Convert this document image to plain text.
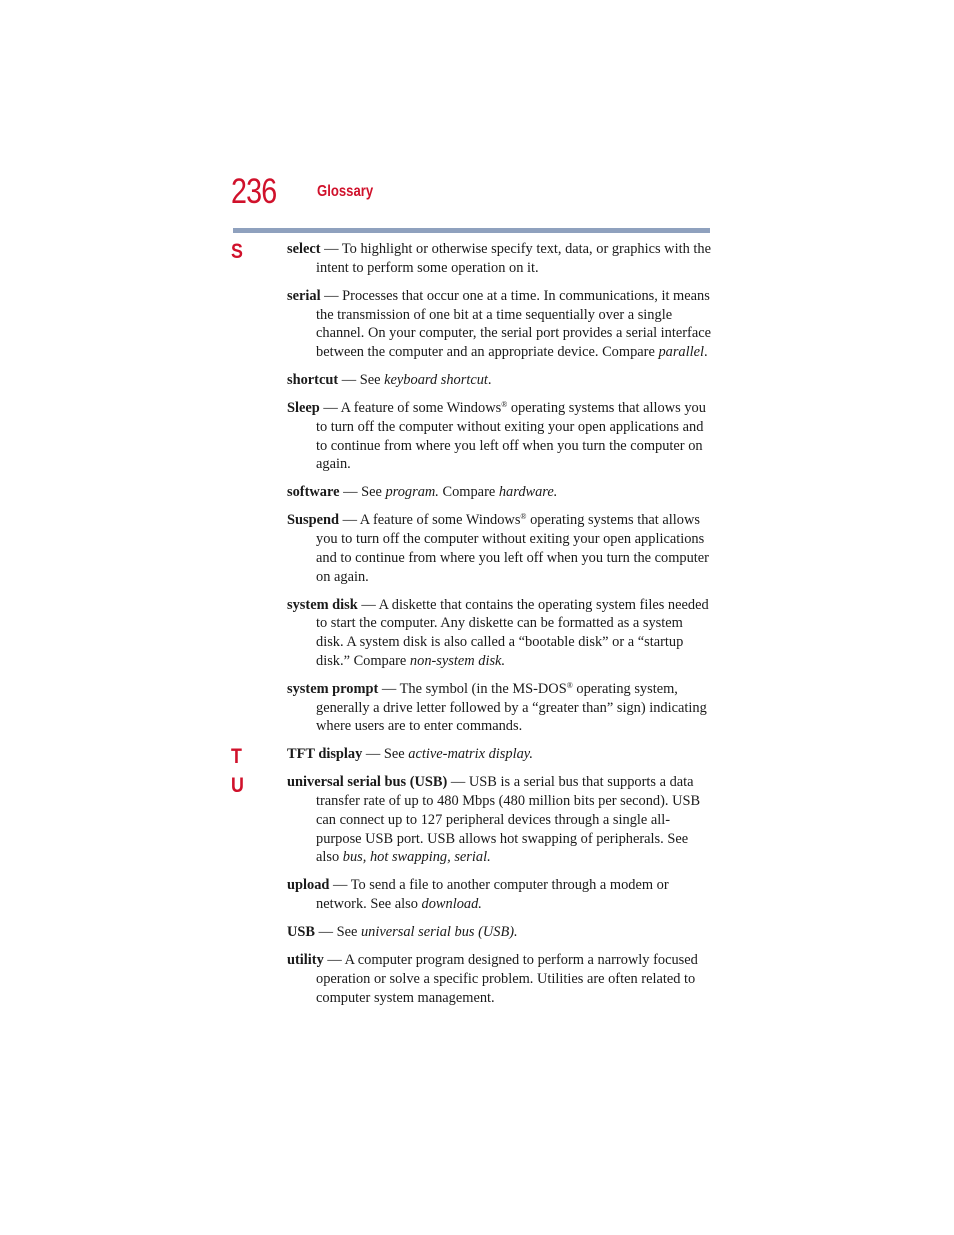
236	Glossary
S
T
U

select — To highlight or otherwise specify text, data, or graphics with the intent to perform some operation on it.

serial — Processes that occur one at a time. In communications, it means the transmission of one bit at a time sequentially over a single channel. On your computer, the serial port provides a serial interface between the computer and an appropriate device. Compare parallel.

shortcut — See keyboard shortcut.

Sleep — A feature of some Windows® operating systems that allows you to turn off the computer without exiting your open applications and to continue from where you left off when you turn the computer on again.

software — See program. Compare hardware.

Suspend — A feature of some Windows® operating systems that allows you to turn off the computer without exiting your open applications and to continue from where you left off when you turn the computer on again.

system disk — A diskette that contains the operating system files needed to start the computer. Any diskette can be formatted as a system disk. A system disk is also called a “bootable disk” or a “startup disk.” Compare non-system disk.

system prompt — The symbol (in the MS-DOS® operating system, generally a drive letter followed by a “greater than” sign) indicating where users are to enter commands.

TFT display — See active-matrix display.

universal serial bus (USB) — USB is a serial bus that supports a data transfer rate of up to 480 Mbps (480 million bits per second). USB can connect up to 127 peripheral devices through a single all-purpose USB port. USB allows hot swapping of peripherals. See also bus, hot swapping, serial.

upload — To send a file to another computer through a modem or network. See also download.

USB — See universal serial bus (USB).

utility — A computer program designed to perform a narrowly focused operation or solve a specific problem. Utilities are often related to computer system management.
